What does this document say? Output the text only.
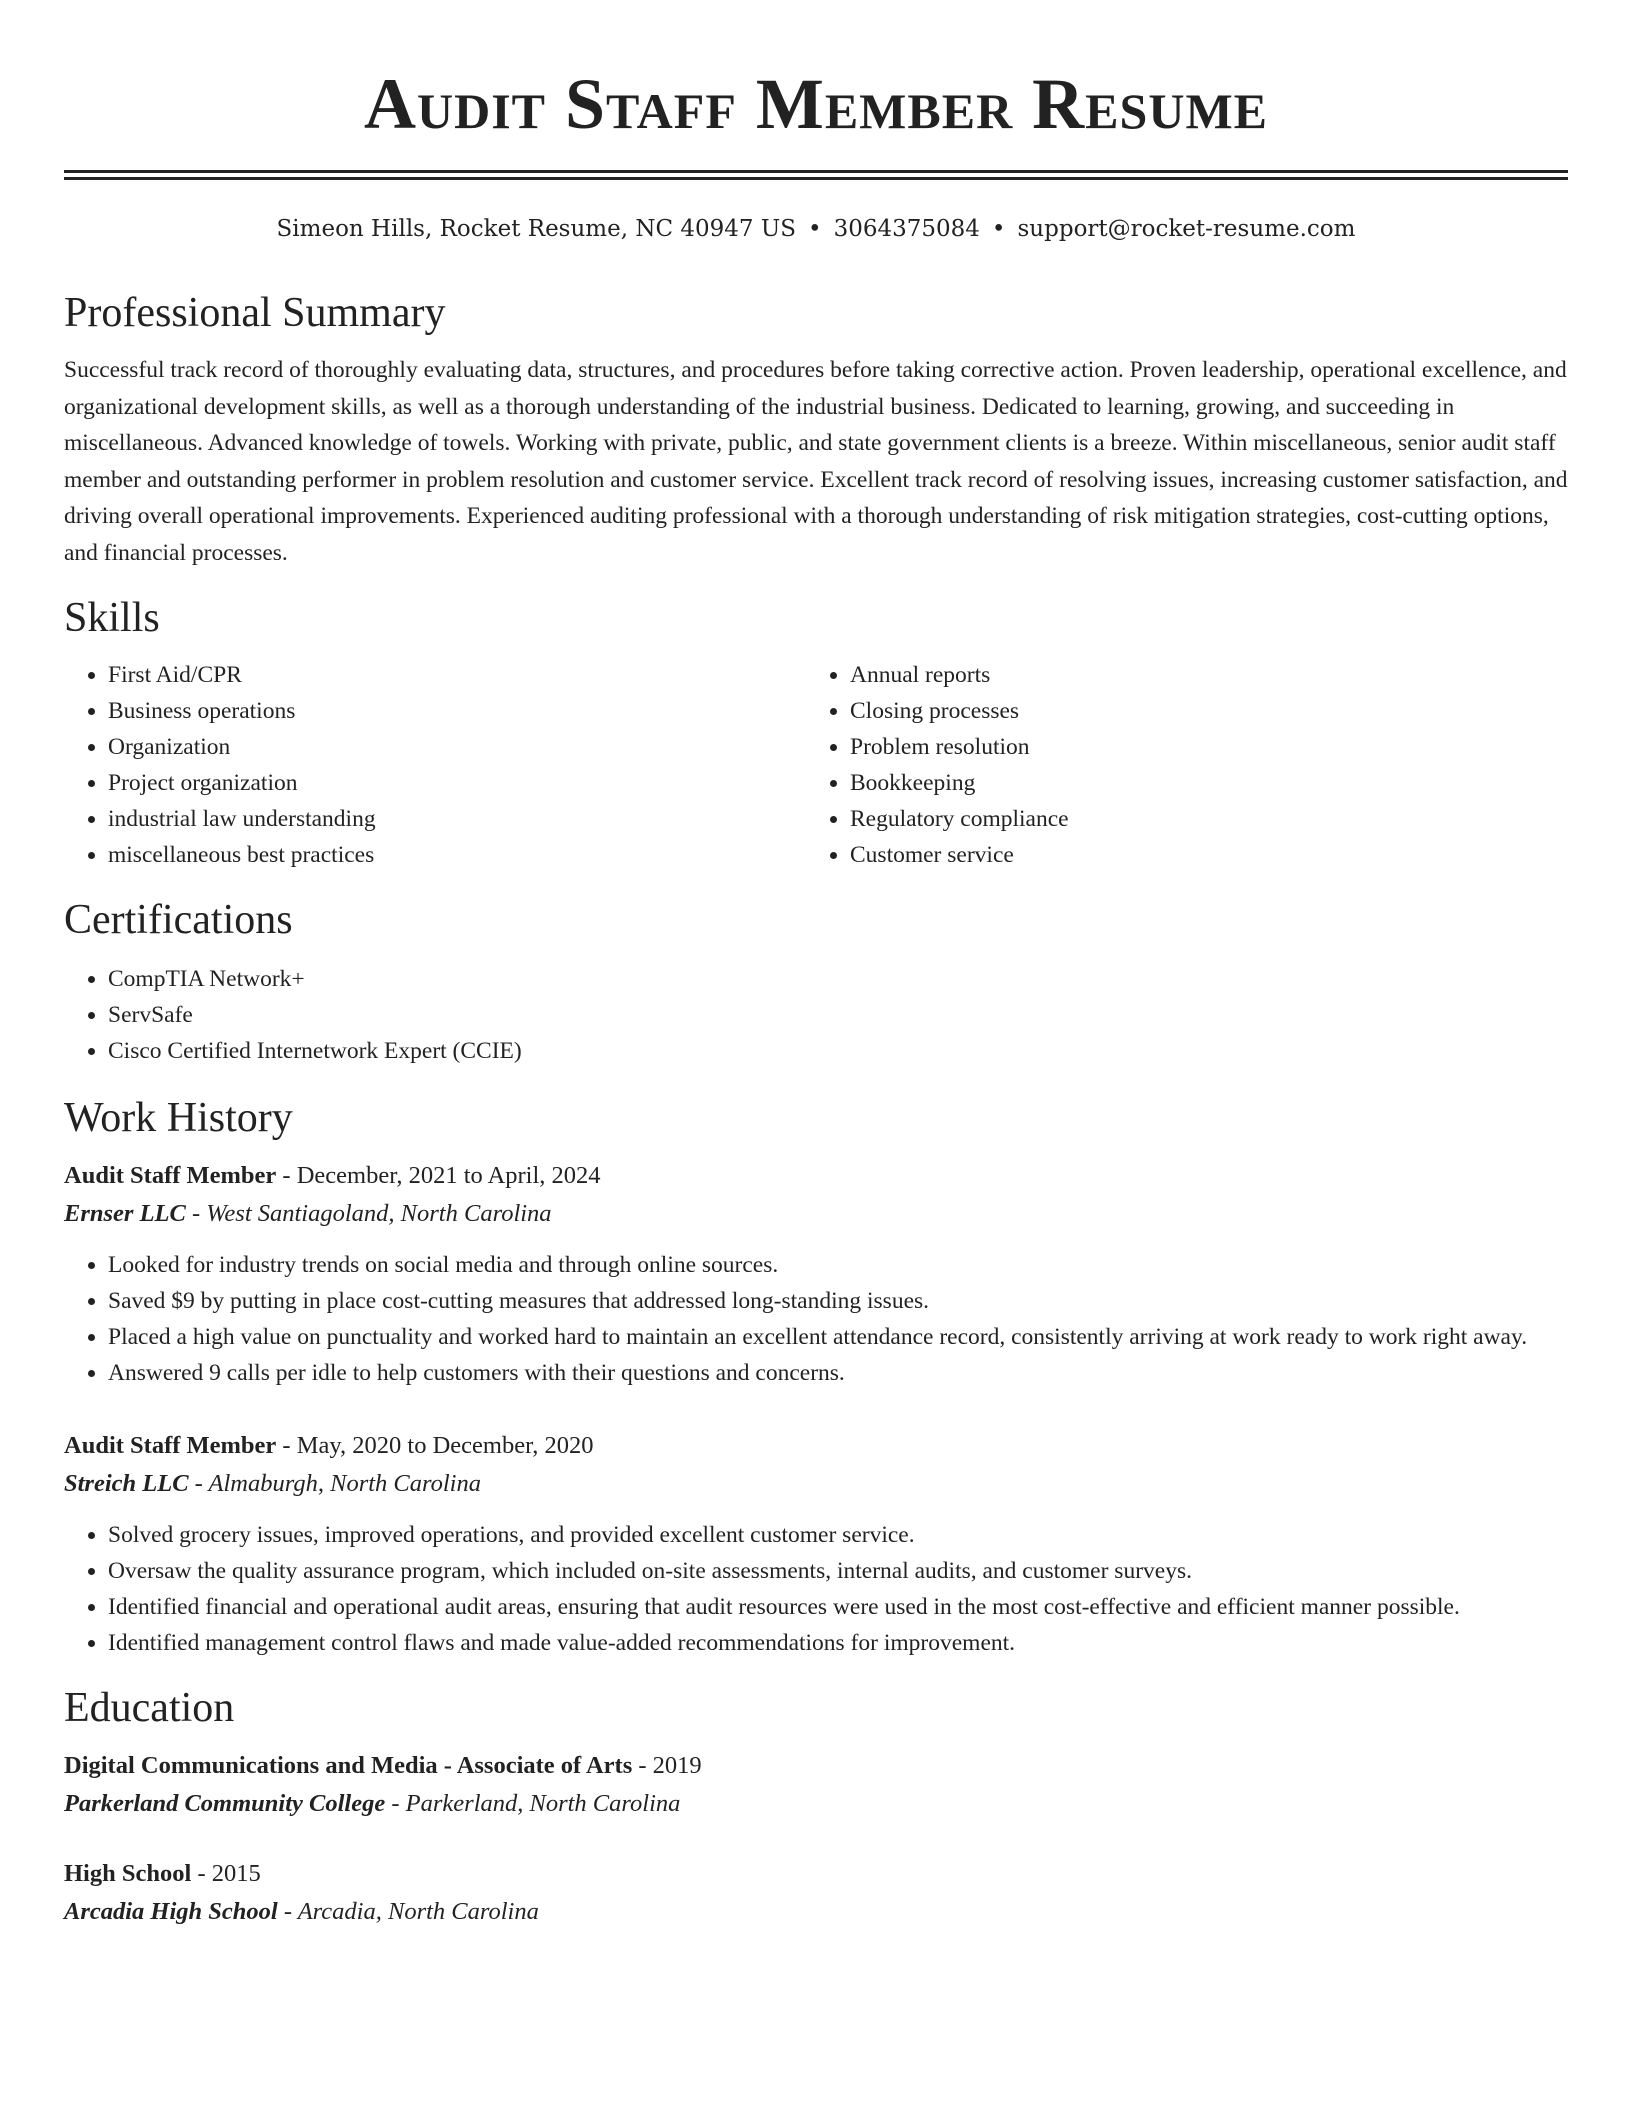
Audit Staff Member Resume
Simeon Hills, Rocket Resume, NC 40947 US • 3064375084 • support@rocket-resume.com
Professional Summary

Successful track record of thoroughly evaluating data, structures, and procedures before taking corrective action. Proven leadership, operational excellence, and organizational development skills, as well as a thorough understanding of the industrial business. Dedicated to learning, growing, and succeeding in miscellaneous. Advanced knowledge of towels. Working with private, public, and state government clients is a breeze. Within miscellaneous, senior audit staff member and outstanding performer in problem resolution and customer service. Excellent track record of resolving issues, increasing customer satisfaction, and driving overall operational improvements. Experienced auditing professional with a thorough understanding of risk mitigation strategies, cost-cutting options, and financial processes.

Skills
• First Aid/CPR
• Business operations
• Organization
• Project organization
• industrial law understanding
• miscellaneous best practices
• Annual reports
• Closing processes
• Problem resolution
• Bookkeeping
• Regulatory compliance
• Customer service
Certifications
• CompTIA Network+
• ServSafe
• Cisco Certified Internetwork Expert (CCIE)
Work History
Audit Staff Member - December, 2021 to April, 2024
Ernser LLC - West Santiagoland, North Carolina
• Looked for industry trends on social media and through online sources.
• Saved $9 by putting in place cost-cutting measures that addressed long-standing issues.
• Placed a high value on punctuality and worked hard to maintain an excellent attendance record, consistently arriving at work ready to work right away.
• Answered 9 calls per idle to help customers with their questions and concerns.
Audit Staff Member - May, 2020 to December, 2020
Streich LLC - Almaburgh, North Carolina
• Solved grocery issues, improved operations, and provided excellent customer service.
• Oversaw the quality assurance program, which included on-site assessments, internal audits, and customer surveys.
• Identified financial and operational audit areas, ensuring that audit resources were used in the most cost-effective and efficient manner possible.
• Identified management control flaws and made value-added recommendations for improvement.
Education
Digital Communications and Media - Associate of Arts - 2019
Parkerland Community College - Parkerland, North Carolina
High School - 2015
Arcadia High School - Arcadia, North Carolina
